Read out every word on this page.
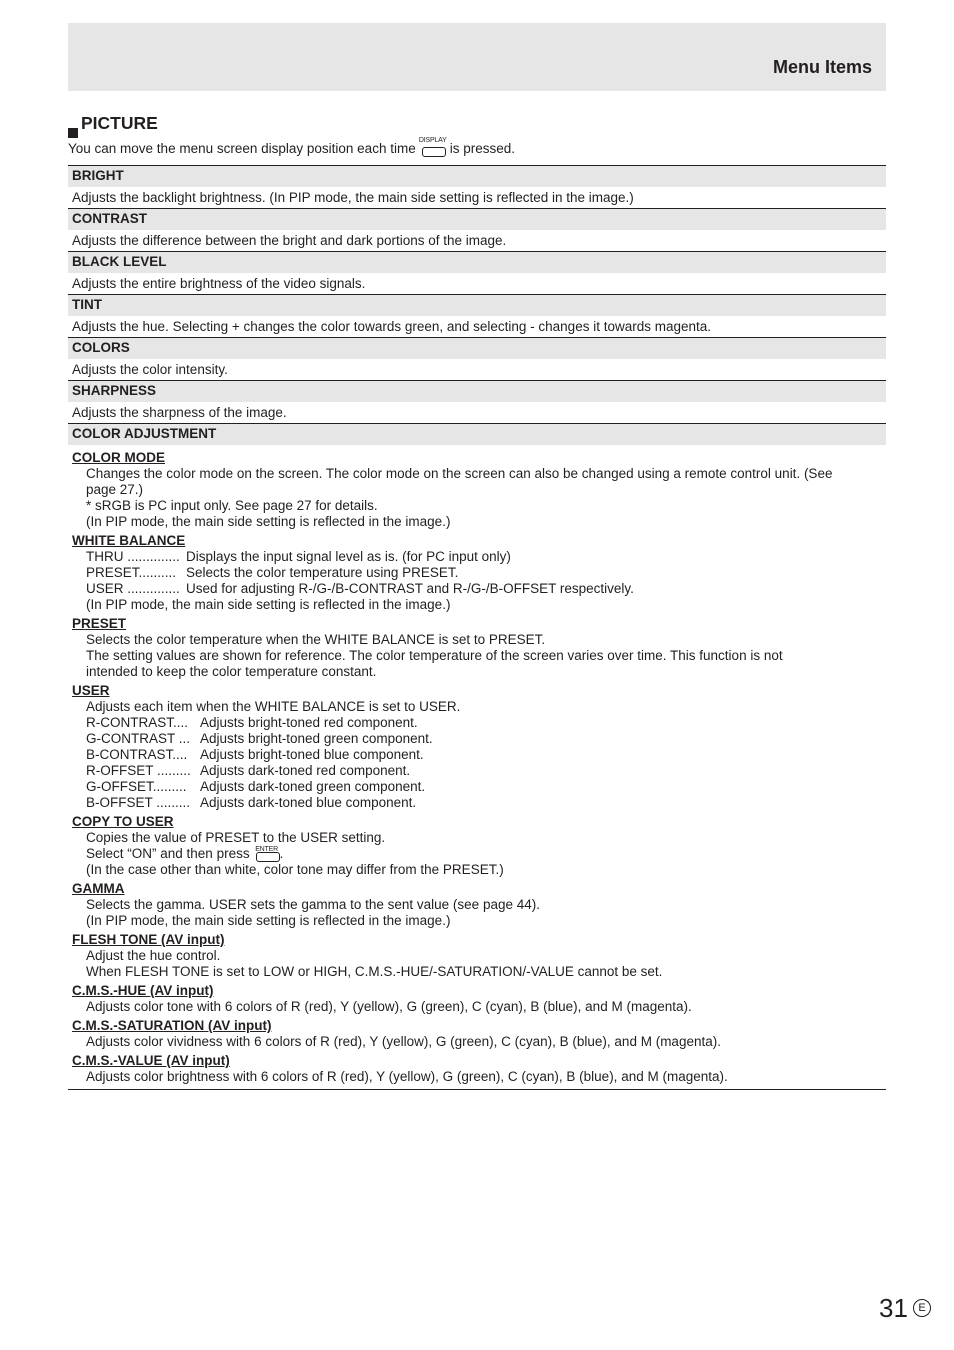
Menu Items
PICTURE
You can move the menu screen display position each time
DISPLAY
is pressed.
BRIGHT
Adjusts the backlight brightness. (In PIP mode, the main side setting is reflected in the image.)
CONTRAST
Adjusts the difference between the bright and dark portions of the image.
BLACK LEVEL
Adjusts the entire brightness of the video signals.
TINT
Adjusts the hue. Selecting + changes the color towards green, and selecting - changes it towards magenta.
COLORS
Adjusts the color intensity.
SHARPNESS
Adjusts the sharpness of the image.
COLOR ADJUSTMENT
COLOR MODE
Changes the color mode on the screen. The color mode on the screen can also be changed using a remote control unit. (See
page 27.)
* sRGB is PC input only. See page 27 for details.
(In PIP mode, the main side setting is reflected in the image.)
WHITE BALANCE
THRU .............. Displays the input signal level as is. (for PC input only)
PRESET.......... Selects the color temperature using PRESET.
USER .............. Used for adjusting R-/G-/B-CONTRAST and R-/G-/B-OFFSET respectively.
(In PIP mode, the main side setting is reflected in the image.)
PRESET
Selects the color temperature when the WHITE BALANCE is set to PRESET.
The setting values are shown for reference. The color temperature of the screen varies over time. This function is not
intended to keep the color temperature constant.
USER
Adjusts each item when the WHITE BALANCE is set to USER.
R-CONTRAST.... Adjusts bright-toned red component.
G-CONTRAST ... Adjusts bright-toned green component.
B-CONTRAST.... Adjusts bright-toned blue component.
R-OFFSET ......... Adjusts dark-toned red component.
G-OFFSET......... Adjusts dark-toned green component.
B-OFFSET ......... Adjusts dark-toned blue component.
COPY TO USER
Copies the value of PRESET to the USER setting.
Select “ON” and then press ENTER .
(In the case other than white, color tone may differ from the PRESET.)
GAMMA
Selects the gamma. USER sets the gamma to the sent value (see page 44).
(In PIP mode, the main side setting is reflected in the image.)
FLESH TONE (AV input)
Adjust the hue control.
When FLESH TONE is set to LOW or HIGH, C.M.S.-HUE/-SATURATION/-VALUE cannot be set.
C.M.S.-HUE (AV input)
Adjusts color tone with 6 colors of R (red), Y (yellow), G (green), C (cyan), B (blue), and M (magenta).
C.M.S.-SATURATION (AV input)
Adjusts color vividness with 6 colors of R (red), Y (yellow), G (green), C (cyan), B (blue), and M (magenta).
C.M.S.-VALUE (AV input)
Adjusts color brightness with 6 colors of R (red), Y (yellow), G (green), C (cyan), B (blue), and M (magenta).
31 E
